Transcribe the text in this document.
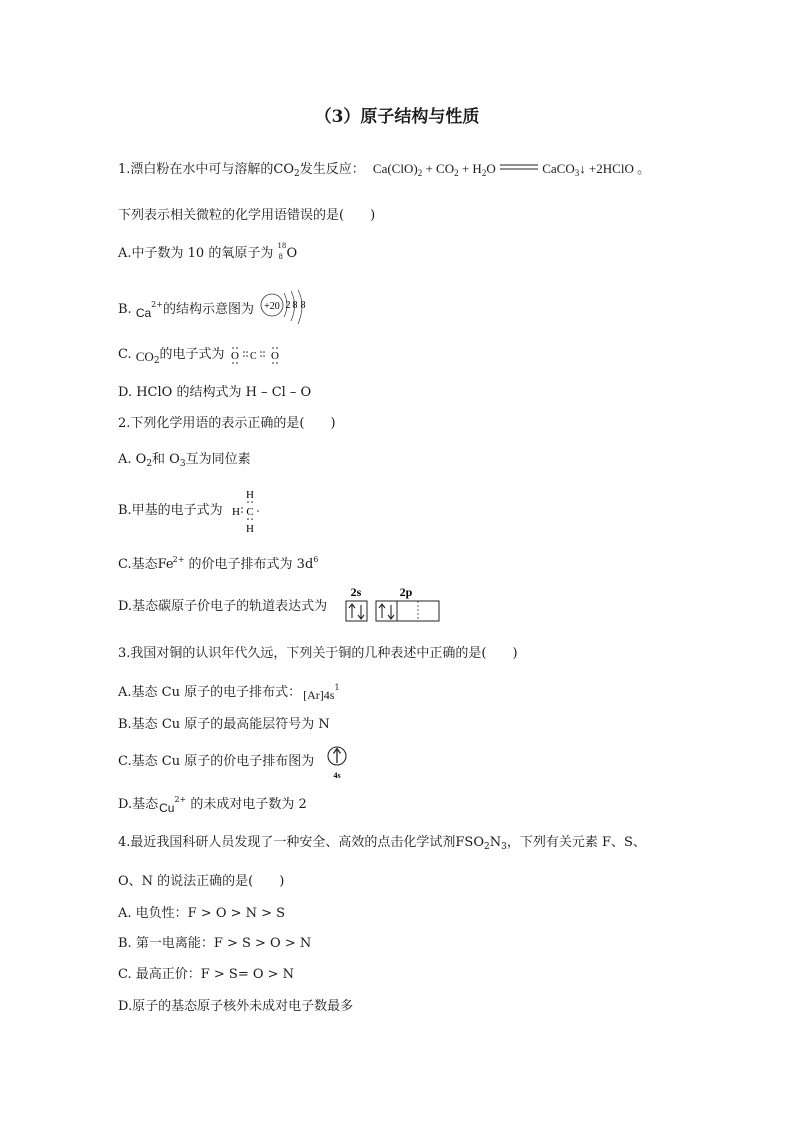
（3）原子结构与性质
1.漂白粉在水中可与溶解的$CO_2$发生反应： $Ca(ClO)_2 + CO_2 + H_2O$	CaCO$_3$↓ +2HClO 。
下列表示相关微粒的化学用语错误的是(　　)
A.中子数为 10 的氧原子为 18
8 O
B. $Ca^{2+}$的结构示意图为 +20 2 8 8
C. $CO_2$的电子式为 O C O
D. HClO 的结构式为 H – Cl – O
2.下列化学用语的表示正确的是(　　)
A. $O_2$和 $O_3$互为同位素
B.甲基的电子式为
H
H C
H
C.基态$Fe^{2+}$ 的价电子排布式为 $3d^6$
D.基态碳原子价电子的轨道表达式为
2s	2p
3.我国对铜的认识年代久远，下列关于铜的几种表述中正确的是(　　)
A.基态 Cu 原子的电子排布式： $[Ar]4s^1$
B.基态 Cu 原子的最高能层符号为 N
C.基态 Cu 原子的价电子排布图为
4s
D.基态$Cu^{2+}$ 的未成对电子数为 2
4.最近我国科研人员发现了一种安全、高效的点击化学试剂$FSO_2N_3$，下列有关元素 F、S、
O、N 的说法正确的是(　　)
A. 电负性：F > O > N > S
B. 第一电离能：F > S > O > N
C. 最高正价：F > S= O > N
D.原子的基态原子核外未成对电子数最多
